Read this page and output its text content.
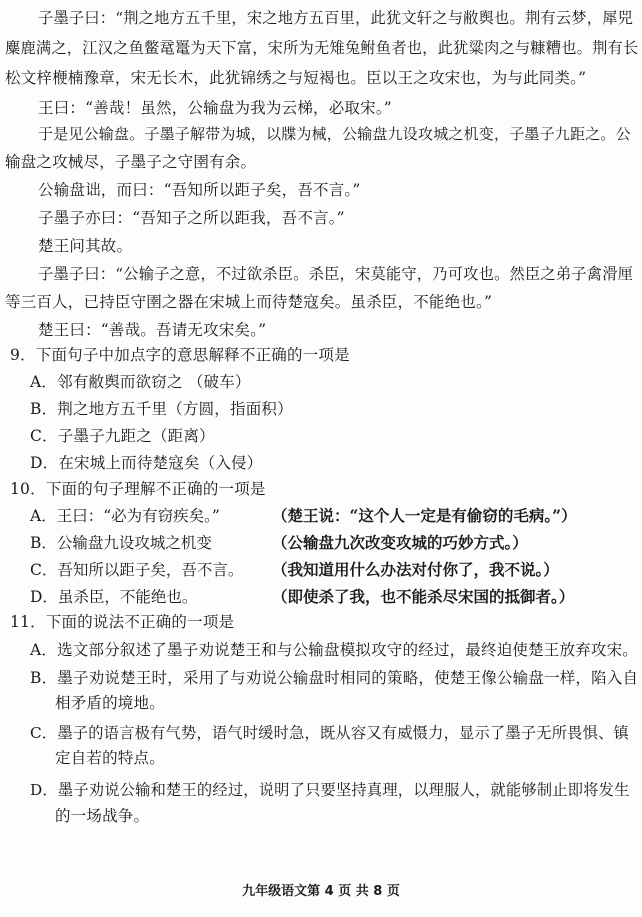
子墨子曰：“荆之地方五千里，宋之地方五百里，此犹文轩之与敝舆也。荆有云梦，犀兕
麋鹿满之，江汉之鱼鳖鼋鼍为天下富，宋所为无雉兔鲋鱼者也，此犹粱肉之与糠糟也。荆有长
松文梓楩楠豫章，宋无长木，此犹锦绣之与短褐也。臣以王之攻宋也，为与此同类。”
王曰：“善哉！虽然，公输盘为我为云梯，必取宋。”
于是见公输盘。子墨子解带为城，以牒为械，公输盘九设攻城之机变，子墨子九距之。公
输盘之攻械尽，子墨子之守圉有余。
公输盘诎，而曰：“吾知所以距子矣，吾不言。”
子墨子亦曰：“吾知子之所以距我，吾不言。”
楚王问其故。
子墨子曰：“公输子之意，不过欲杀臣。杀臣，宋莫能守，乃可攻也。然臣之弟子禽滑厘
等三百人，已持臣守圉之器在宋城上而待楚寇矣。虽杀臣，不能绝也。”
楚王曰：“善哉。吾请无攻宋矣。”
9．下面句子中加点字的意思解释不正确的一项是
A．邻有敝舆而欲窃之 （破车）
B．荆之地方五千里（方圆，指面积）
C．子墨子九距之（距离）
D．在宋城上而待楚寇矣（入侵）
10．下面的句子理解不正确的一项是
A．王曰：“必为有窃疾矣。”	（楚王说：“这个人一定是有偷窃的毛病。”）
B．公输盘九设攻城之机变	（公输盘九次改变攻城的巧妙方式。）
C．吾知所以距子矣，吾不言。 （我知道用什么办法对付你了，我不说。）
D．虽杀臣，不能绝也。	（即使杀了我，也不能杀尽宋国的抵御者。）
11．下面的说法不正确的一项是
A．选文部分叙述了墨子劝说楚王和与公输盘模拟攻守的经过，最终迫使楚王放弃攻宋。
B．墨子劝说楚王时，采用了与劝说公输盘时相同的策略，使楚王像公输盘一样，陷入自
相矛盾的境地。
C．墨子的语言极有气势，语气时缓时急，既从容又有威慑力，显示了墨子无所畏惧、镇
定自若的特点。
D．墨子劝说公输和楚王的经过，说明了只要坚持真理，以理服人，就能够制止即将发生
的一场战争。
九年级语文第 4 页 共 8 页
